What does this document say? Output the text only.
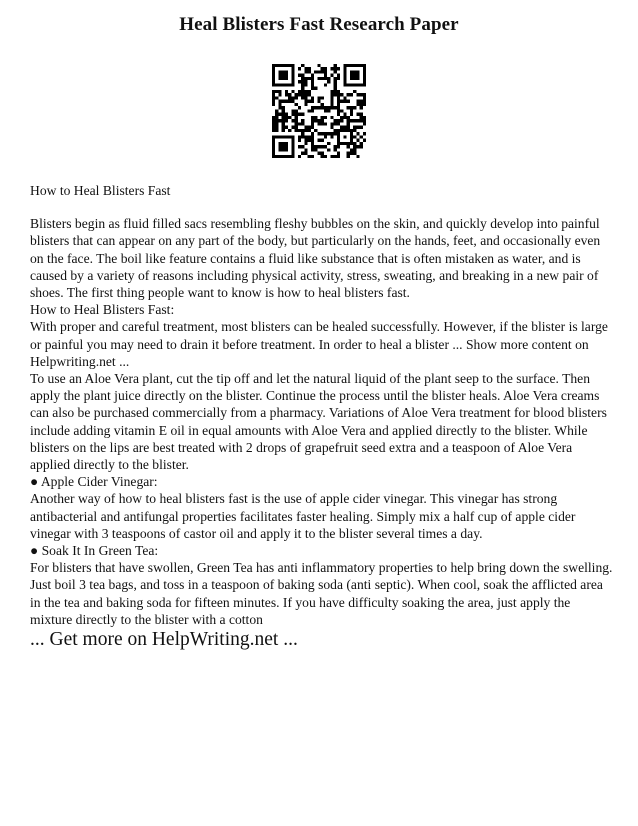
Heal Blisters Fast Research Paper

How to Heal Blisters Fast

Blisters begin as fluid filled sacs resembling fleshy bubbles on the skin, and quickly develop into painful blisters that can appear on any part of the body, but particularly on the hands, feet, and occasionally even on the face. The boil like feature contains a fluid like substance that is often mistaken as water, and is caused by a variety of reasons including physical activity, stress, sweating, and breaking in a new pair of shoes. The first thing people want to know is how to heal blisters fast.

How to Heal Blisters Fast:

With proper and careful treatment, most blisters can be healed successfully. However, if the blister is large or painful you may need to drain it before treatment. In order to heal a blister ... Show more content on Helpwriting.net ...

To use an Aloe Vera plant, cut the tip off and let the natural liquid of the plant seep to the surface. Then apply the plant juice directly on the blister. Continue the process until the blister heals. Aloe Vera creams can also be purchased commercially from a pharmacy. Variations of Aloe Vera treatment for blood blisters include adding vitamin E oil in equal amounts with Aloe Vera and applied directly to the blister. While blisters on the lips are best treated with 2 drops of grapefruit seed extra and a teaspoon of Aloe Vera applied directly to the blister.

● Apple Cider Vinegar:

Another way of how to heal blisters fast is the use of apple cider vinegar. This vinegar has strong antibacterial and antifungal properties facilitates faster healing. Simply mix a half cup of apple cider vinegar with 3 teaspoons of castor oil and apply it to the blister several times a day.

● Soak It In Green Tea:

For blisters that have swollen, Green Tea has anti inflammatory properties to help bring down the swelling. Just boil 3 tea bags, and toss in a teaspoon of baking soda (anti septic). When cool, soak the afflicted area in the tea and baking soda for fifteen minutes. If you have difficulty soaking the area, just apply the mixture directly to the blister with a cotton

... Get more on HelpWriting.net ...
